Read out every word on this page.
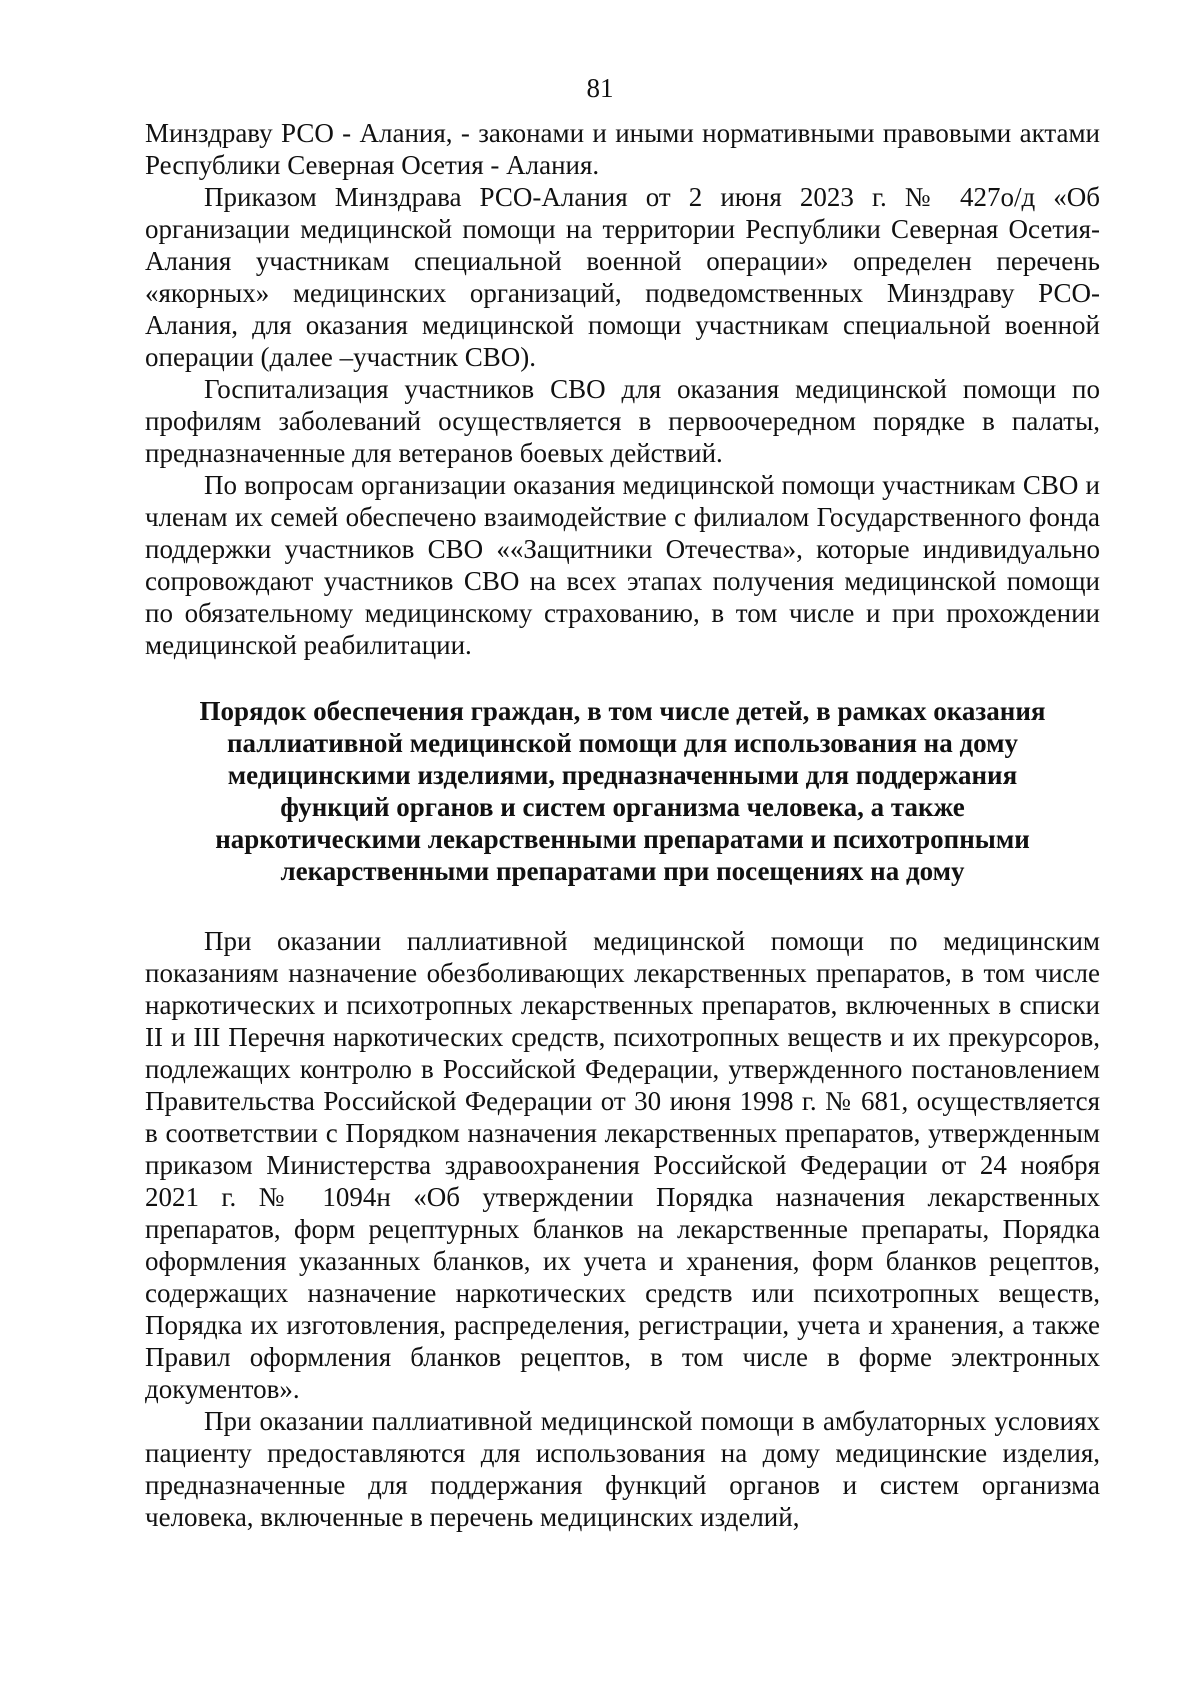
81

Минздраву РСО - Алания, - законами и иными нормативными правовыми актами Республики Северная Осетия - Алания.

Приказом Минздрава РСО-Алания от 2 июня 2023 г. № 427о/д «Об организации медицинской помощи на территории Республики Северная Осетия-Алания участникам специальной военной операции» определен перечень «якорных» медицинских организаций, подведомственных Минздраву РСО-Алания, для оказания медицинской помощи участникам специальной военной операции (далее –участник СВО).

Госпитализация участников СВО для оказания медицинской помощи по профилям заболеваний осуществляется в первоочередном порядке в палаты, предназначенные для ветеранов боевых действий.

По вопросам организации оказания медицинской помощи участникам СВО и членам их семей обеспечено взаимодействие с филиалом Государственного фонда поддержки участников СВО ««Защитники Отечества», которые индивидуально сопровождают участников СВО на всех этапах получения медицинской помощи по обязательному медицинскому страхованию, в том числе и при прохождении медицинской реабилитации.

Порядок обеспечения граждан, в том числе детей, в рамках оказания
паллиативной медицинской помощи для использования на дому
медицинскими изделиями, предназначенными для поддержания
функций органов и систем организма человека, а также
наркотическими лекарственными препаратами и психотропными
лекарственными препаратами при посещениях на дому

При оказании паллиативной медицинской помощи по медицинским показаниям назначение обезболивающих лекарственных препаратов, в том числе наркотических и психотропных лекарственных препаратов, включенных в списки II и III Перечня наркотических средств, психотропных веществ и их прекурсоров, подлежащих контролю в Российской Федерации, утвержденного постановлением Правительства Российской Федерации от 30 июня 1998 г. № 681, осуществляется в соответствии с Порядком назначения лекарственных препаратов, утвержденным приказом Министерства здравоохранения Российской Федерации от 24 ноября 2021 г. № 1094н «Об утверждении Порядка назначения лекарственных препаратов, форм рецептурных бланков на лекарственные препараты, Порядка оформления указанных бланков, их учета и хранения, форм бланков рецептов, содержащих назначение наркотических средств или психотропных веществ, Порядка их изготовления, распределения, регистрации, учета и хранения, а также Правил оформления бланков рецептов, в том числе в форме электронных документов».

При оказании паллиативной медицинской помощи в амбулаторных условиях пациенту предоставляются для использования на дому медицинские изделия, предназначенные для поддержания функций органов и систем организма человека, включенные в перечень медицинских изделий,
